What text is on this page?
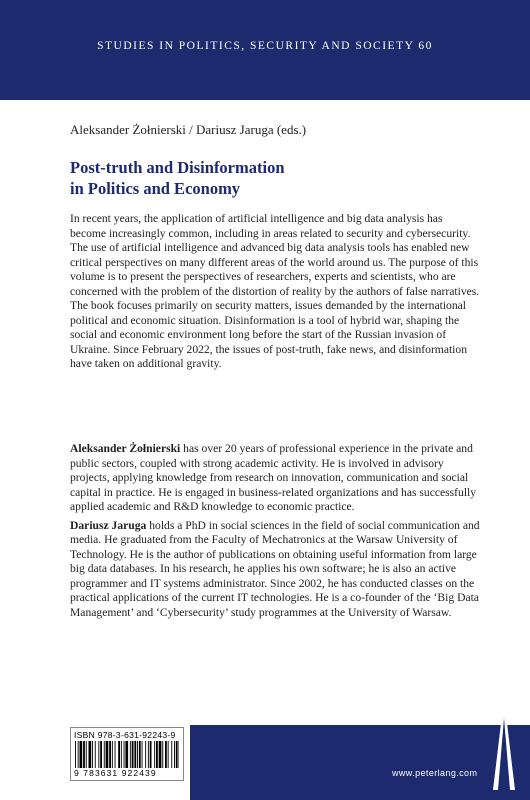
STUDIES IN POLITICS, SECURITY AND SOCIETY 60
Aleksander Żołnierski / Dariusz Jaruga (eds.)
Post-truth and Disinformation
in Politics and Economy

In recent years, the application of artificial intelligence and big data analysis has become increasingly common, including in areas related to security and cybersecurity. The use of artificial intelligence and advanced big data analysis tools has enabled new critical perspectives on many different areas of the world around us. The purpose of this volume is to present the perspectives of researchers, experts and scientists, who are concerned with the problem of the distortion of reality by the authors of false narratives.

The book focuses primarily on security matters, issues demanded by the international political and economic situation. Disinformation is a tool of hybrid war, shaping the social and economic environment long before the start of the Russian invasion of Ukraine. Since February 2022, the issues of post-truth, fake news, and disinformation have taken on additional gravity.

Aleksander Żołnierski has over 20 years of professional experience in the private and public sectors, coupled with strong academic activity. He is involved in advisory projects, applying knowledge from research on innovation, communication and social capital in practice. He is engaged in business-related organizations and has successfully applied academic and R&D knowledge to economic practice.

Dariusz Jaruga holds a PhD in social sciences in the field of social communication and media. He graduated from the Faculty of Mechatronics at the Warsaw University of Technology. He is the author of publications on obtaining useful information from large big data databases. In his research, he applies his own software; he is also an active programmer and IT systems administrator. Since 2002, he has conducted classes on the practical applications of the current IT technologies. He is a co-founder of the ‘Big Data Management’ and ‘Cybersecurity’ study programmes at the University of Warsaw.

ISBN 978-3-631-92243-9
9 783631 922439	www.peterlang.com
